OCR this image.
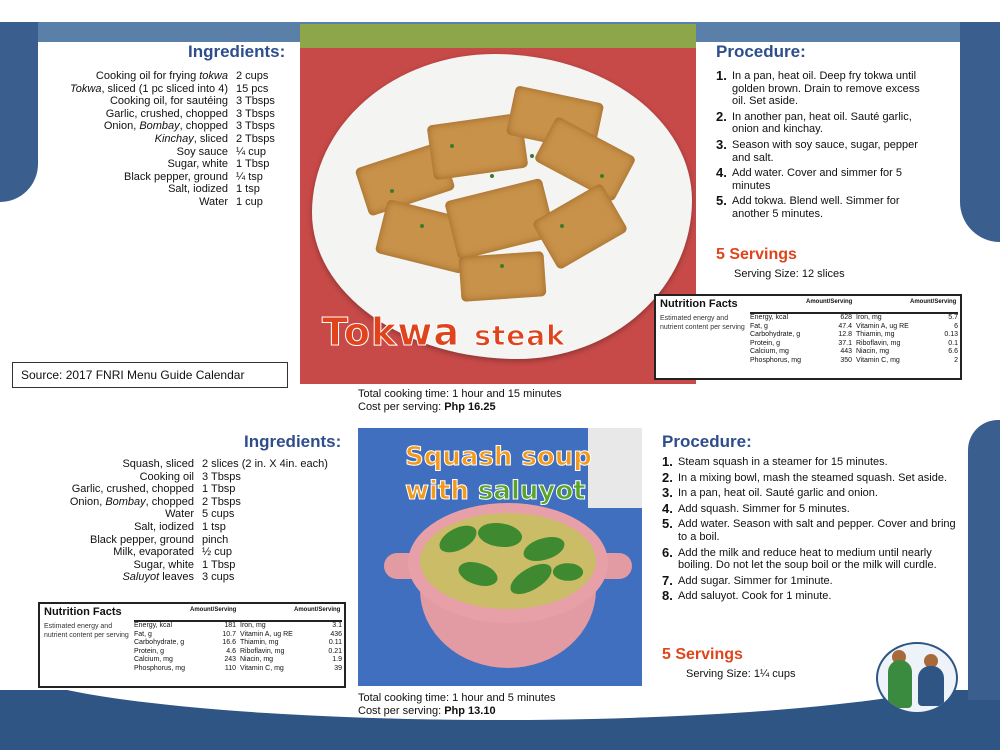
Ingredients:
Cooking oil for frying tokwa 2 cups
Tokwa, sliced (1 pc sliced into 4) 15 pcs
Cooking oil, for sautéing 3 Tbsps
Garlic, crushed, chopped 3 Tbsps
Onion, Bombay, chopped 3 Tbsps
Kinchay, sliced 2 Tbsps
Soy sauce ¼ cup
Sugar, white 1 Tbsp
Black pepper, ground ¼ tsp
Salt, iodized 1 tsp
Water 1 cup
Tokwa steak
Procedure:
1. In a pan, heat oil. Deep fry tokwa until golden brown. Drain to remove excess oil. Set aside.
2. In another pan, heat oil. Sauté garlic, onion and kinchay.
3. Season with soy sauce, sugar, pepper and salt.
4. Add water. Cover and simmer for 5 minutes
5. Add tokwa. Blend well. Simmer for another 5 minutes.
5 Servings
Serving Size: 12 slices
Nutrition Facts	Amount/Serving	Amount/Serving
Estimated energy and nutrient content per serving
Energy, kcal	628 Iron, mg	5.7
Fat, g	47.4 Vitamin A, ug RE	6
Carbohydrate, g	12.8 Thiamin, mg	0.13
Protein, g	37.1 Riboflavin, mg	0.1
Calcium, mg	443 Niacin, mg	6.6
Phosphorus, mg	350 Vitamin C, mg	2
Total cooking time: 1 hour and 15 minutes
Cost per serving: Php 16.25
Source: 2017 FNRI Menu Guide Calendar
Ingredients:
Squash, sliced 2 slices (2 in. X 4in. each)
Cooking oil 3 Tbsps
Garlic, crushed, chopped 1 Tbsp
Onion, Bombay, chopped 2 Tbsps
Water 5 cups
Salt, iodized 1 tsp
Black pepper, ground pinch
Milk, evaporated ½ cup
Sugar, white 1 Tbsp
Saluyot leaves 3 cups
Squash soup
with saluyot
Procedure:
1. Steam squash in a steamer for 15 minutes.
2. In a mixing bowl, mash the steamed squash. Set aside.
3. In a pan, heat oil. Sauté garlic and onion.
4. Add squash. Simmer for 5 minutes.
5. Add water. Season with salt and pepper. Cover and bring to a boil.
6. Add the milk and reduce heat to medium until nearly boiling. Do not let the soup boil or the milk will curdle.
7. Add sugar. Simmer for 1minute.
8. Add saluyot. Cook for 1 minute.
5 Servings
Serving Size: 1¼ cups
Nutrition Facts	Amount/Serving	Amount/Serving
Estimated energy and nutrient content per serving
Energy, kcal	181 Iron, mg	3.1
Fat, g	10.7 Vitamin A, ug RE	436
Carbohydrate, g	16.6 Thiamin, mg	0.11
Protein, g	4.6 Riboflavin, mg	0.21
Calcium, mg	243 Niacin, mg	1.9
Phosphorus, mg	110 Vitamin C, mg	39
Total cooking time: 1 hour and 5 minutes
Cost per serving: Php 13.10
